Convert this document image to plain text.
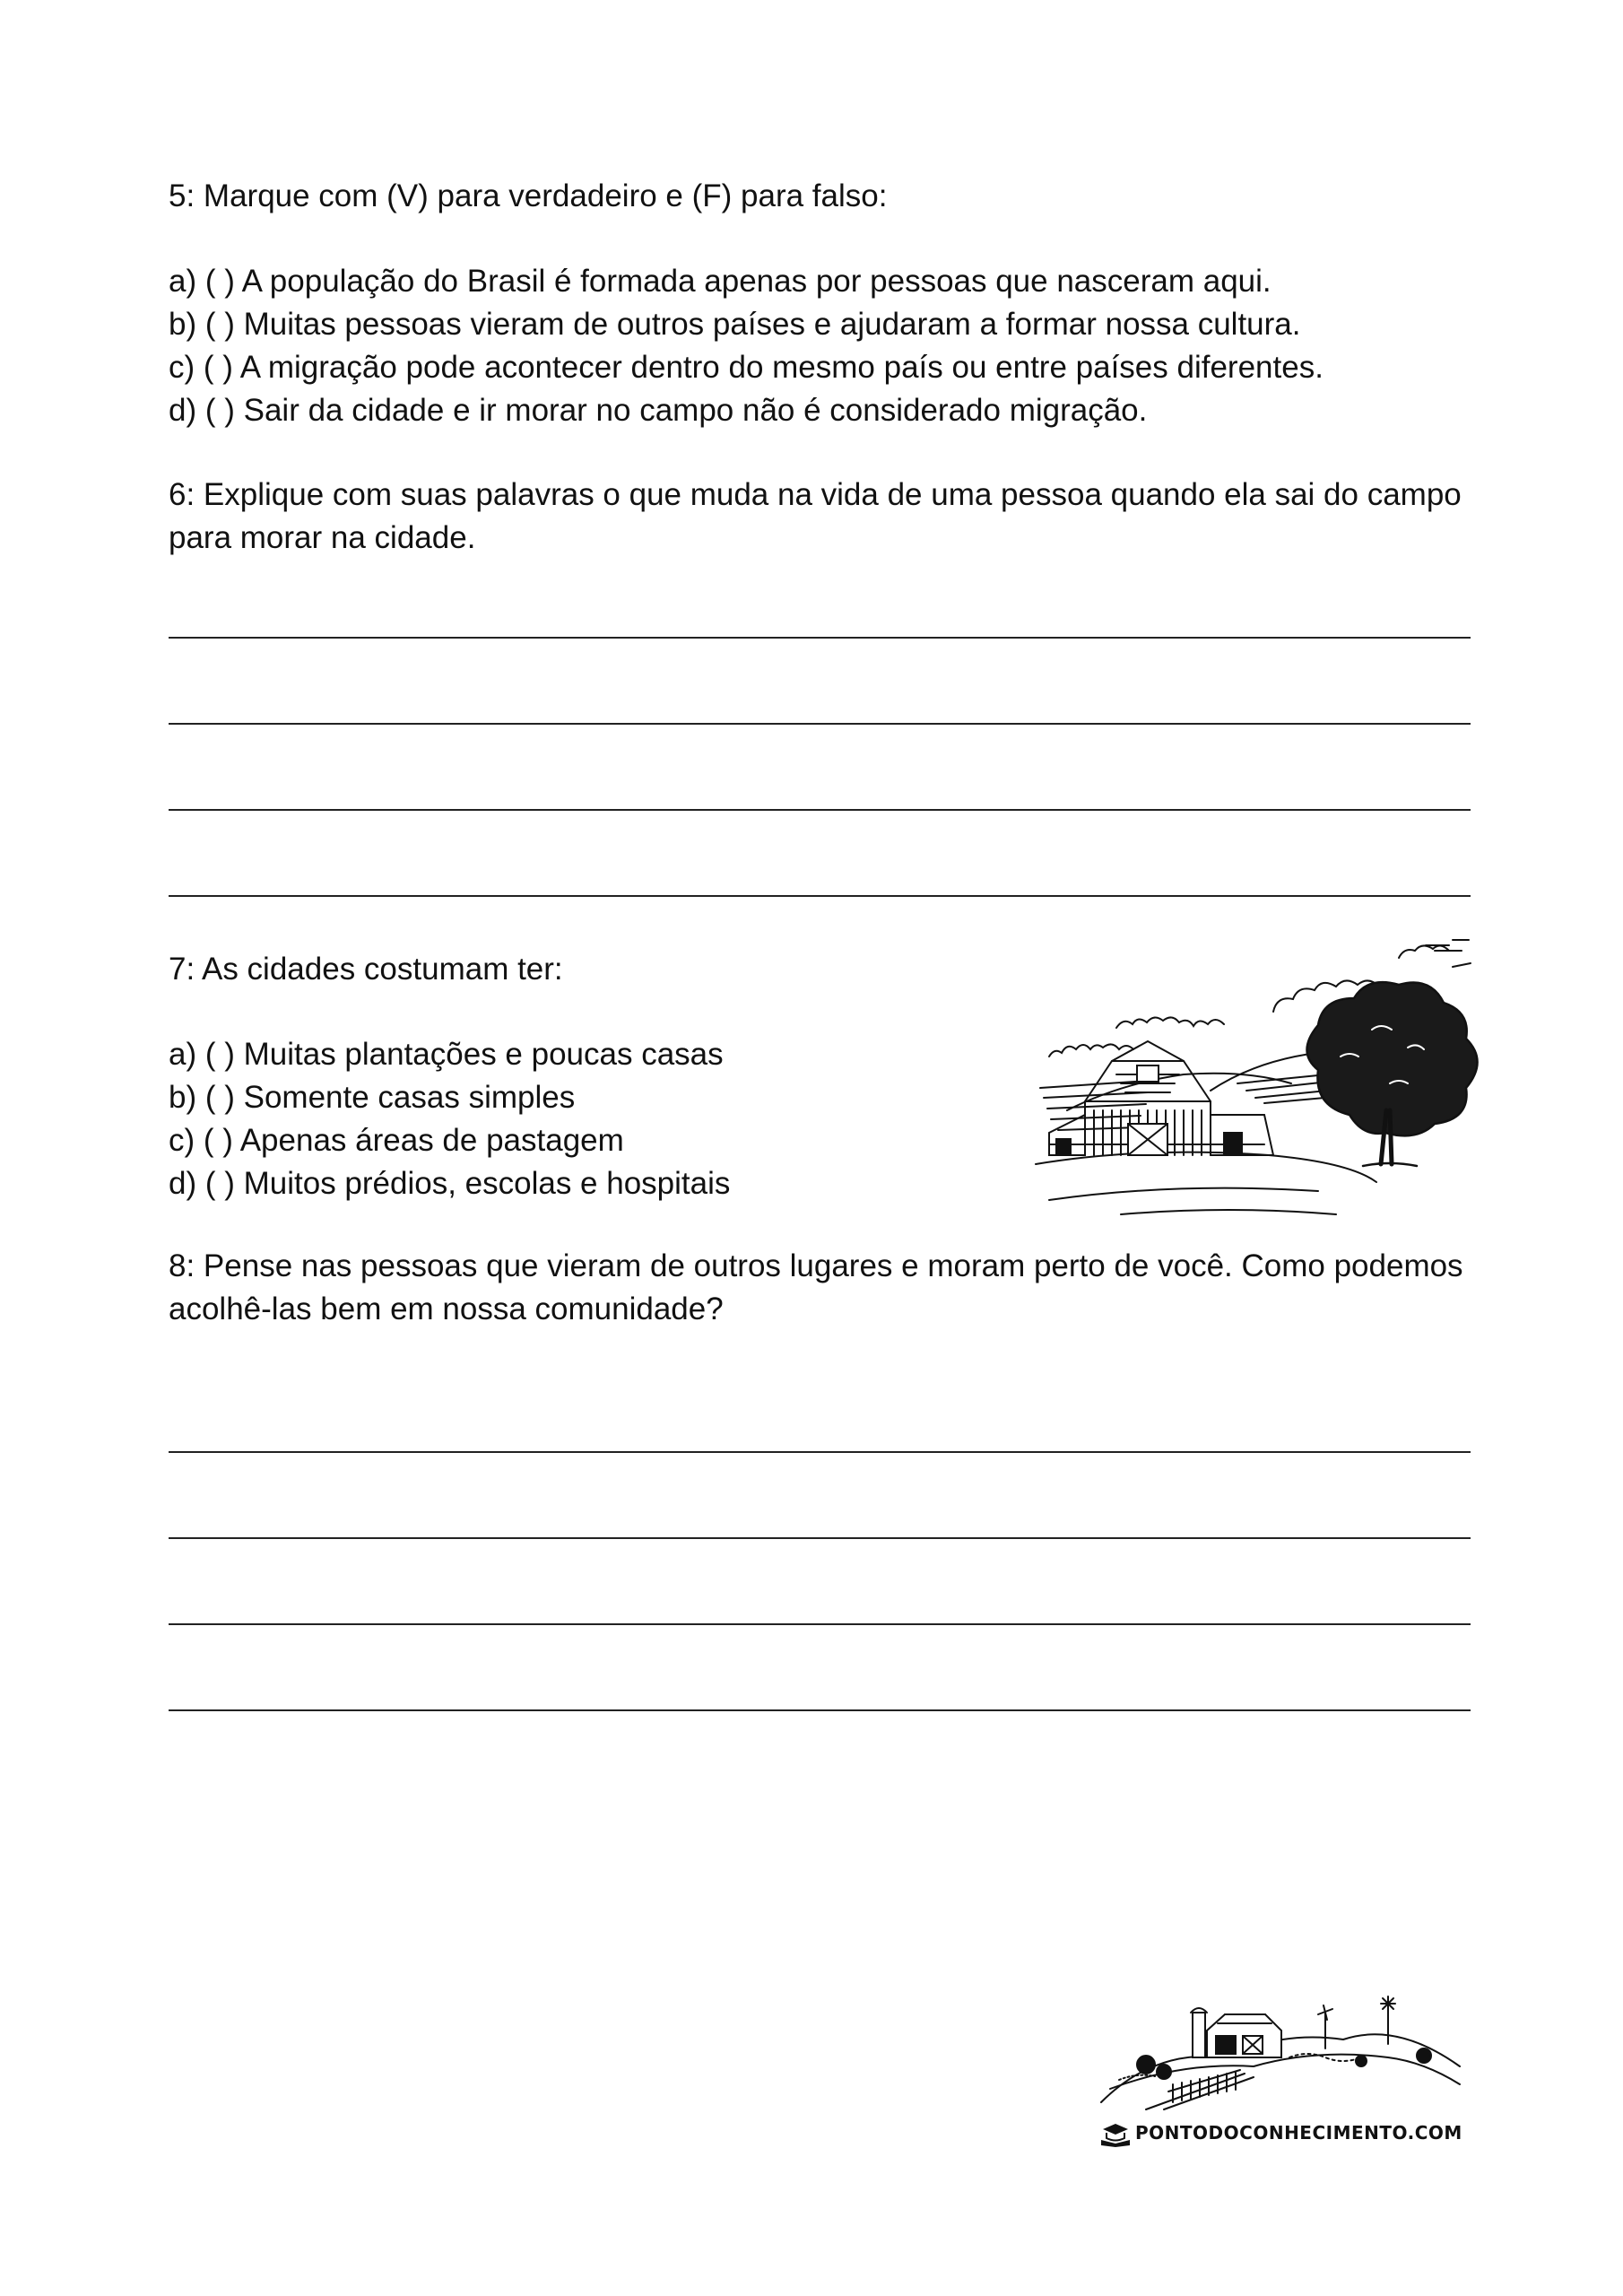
5: Marque com (V) para verdadeiro e (F) para falso:

a) ( ) A população do Brasil é formada apenas por pessoas que nasceram aqui.
b) ( ) Muitas pessoas vieram de outros países e ajudaram a formar nossa cultura.
c) ( ) A migração pode acontecer dentro do mesmo país ou entre países diferentes.
d) ( ) Sair da cidade e ir morar no campo não é considerado migração.

6: Explique com suas palavras o que muda na vida de uma pessoa quando ela sai do campo

para morar na cidade.

7: As cidades costumam ter:

a) ( ) Muitas plantações e poucas casas
b) ( ) Somente casas simples
c) ( ) Apenas áreas de pastagem
d) ( ) Muitos prédios, escolas e hospitais

8: Pense nas pessoas que vieram de outros lugares e moram perto de você. Como podemos

acolhê-las bem em nossa comunidade?

PONTODOCONHECIMENTO.COM
